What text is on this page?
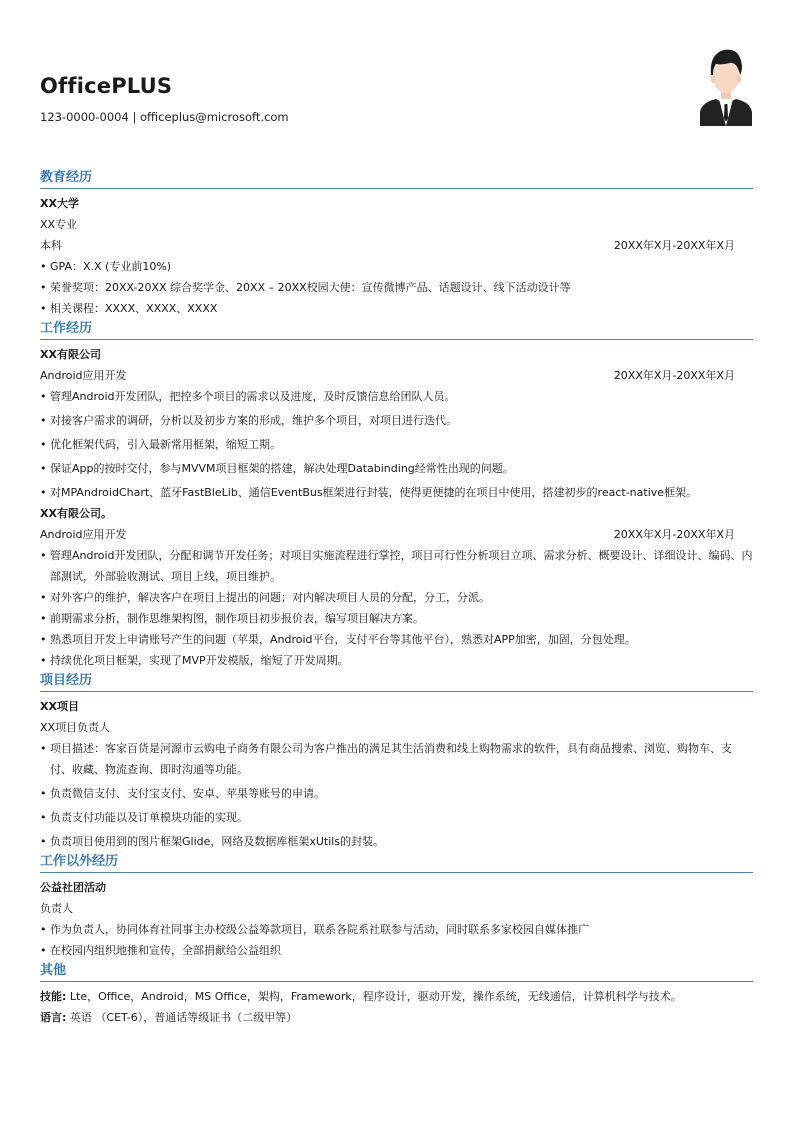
OfficePLUS
123-0000-0004 | officeplus@microsoft.com
教育经历
XX大学
XX专业
本科	20XX年X月-20XX年X月
• GPA：X.X (专业前10%)
• 荣誉奖项：20XX-20XX 综合奖学金、20XX – 20XX校园大使：宣传微博产品、话题设计、线下活动设计等
• 相关课程：XXXX、XXXX、XXXX
工作经历
XX有限公司
Android应用开发	20XX年X月-20XX年X月
• 管理Android开发团队，把控多个项目的需求以及进度，及时反馈信息给团队人员。
• 对接客户需求的调研，分析以及初步方案的形成，维护多个项目，对项目进行迭代。
• 优化框架代码，引入最新常用框架，缩短工期。
• 保证App的按时交付，参与MVVM项目框架的搭建，解决处理Databinding经常性出现的问题。
• 对MPAndroidChart、蓝牙FastBleLib、通信EventBus框架进行封装，使得更便捷的在项目中使用，搭建初步的react-native框架。
XX有限公司。
Android应用开发	20XX年X月-20XX年X月
• 管理Android开发团队，分配和调节开发任务；对项目实施流程进行掌控，项目可行性分析项目立项、需求分析、概要设计、详细设计、编码、内部测试，外部验收测试、项目上线，项目维护。
• 对外客户的维护，解决客户在项目上提出的问题；对内解决项目人员的分配，分工，分派。
• 前期需求分析，制作思维架构图，制作项目初步报价表，编写项目解决方案。
• 熟悉项目开发上申请账号产生的问题（苹果，Android平台，支付平台等其他平台），熟悉对APP加密，加固，分包处理。
• 持续优化项目框架，实现了MVP开发模版，缩短了开发周期。
项目经历
XX项目
XX项目负责人
• 项目描述：客家百货是河源市云购电子商务有限公司为客户推出的满足其生活消费和线上购物需求的软件，具有商品搜索、浏览、购物车、支付、收藏、物流查询、即时沟通等功能。
• 负责微信支付、支付宝支付、安卓、苹果等账号的申请。
• 负责支付功能以及订单模块功能的实现。
• 负责项目使用到的图片框架Glide，网络及数据库框架xUtils的封装。
工作以外经历
公益社团活动
负责人
• 作为负责人，协同体育社同事主办校级公益筹款项目，联系各院系社联参与活动，同时联系多家校园自媒体推广
• 在校园内组织地推和宣传，全部捐献给公益组织
其他
技能: Lte，Office，Android，MS Office，架构，Framework，程序设计，驱动开发，操作系统，无线通信，计算机科学与技术。
语言: 英语 （CET-6），普通话等级证书（二级甲等）
